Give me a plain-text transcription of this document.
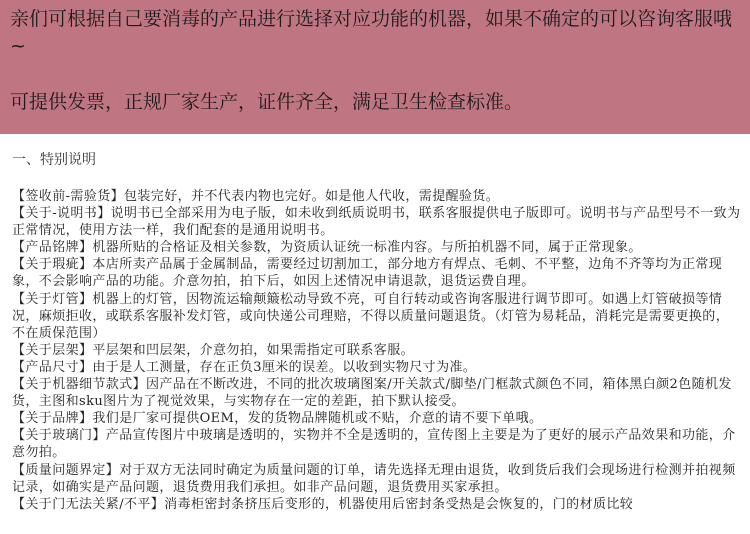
亲们可根据自己要消毒的产品进行选择对应功能的机器，如果不确定的可以咨询客服哦~
可提供发票，正规厂家生产，证件齐全，满足卫生检查标准。
一、特别说明

【签收前-需验货】包装完好，并不代表内物也完好。如是他人代收，需提醒验货。

【关于-说明书】说明书已全部采用为电子版，如未收到纸质说明书，联系客服提供电子版即可。说明书与产品型号不一致为正常情况，使用方法一样，我们配套的是通用说明书。

【产品铭牌】机器所贴的合格证及相关参数，为资质认证统一标准内容。与所拍机器不同，属于正常现象。

【关于瑕疵】本店所卖产品属于金属制品，需要经过切割加工，部分地方有焊点、毛刺、不平整，边角不齐等均为正常现象，不会影响产品的功能。介意勿拍，拍下后，如因上述情况申请退款，退货运费自理。

【关于灯管】机器上的灯管，因物流运输颠簸松动导致不亮，可自行转动或咨询客服进行调节即可。如遇上灯管破损等情况，麻烦拒收，或联系客服补发灯管，或向快递公司理赔，不得以质量问题退货。（灯管为易耗品，消耗完是需要更换的，不在质保范围）

【关于层架】平层架和凹层架，介意勿拍，如果需指定可联系客服。

【产品尺寸】由于是人工测量，存在正负3厘米的误差。以收到实物尺寸为准。

【关于机器细节款式】因产品在不断改进，不同的批次玻璃图案/开关款式/脚垫/门框款式颜色不同，箱体黑白颜2色随机发货，主图和sku图片为了视觉效果，与实物存在一定的差距，拍下默认接受。

【关于品牌】我们是厂家可提供OEM，发的货物品牌随机或不贴，介意的请不要下单哦。

【关于玻璃门】产品宣传图片中玻璃是透明的，实物并不全是透明的，宣传图上主要是为了更好的展示产品效果和功能，介意勿拍。

【质量问题界定】对于双方无法同时确定为质量问题的订单，请先选择无理由退货，收到货后我们会现场进行检测并拍视频记录，如确实是产品问题，退货费用我们承担。如非产品问题，退货费用买家承担。

【关于门无法关紧/不平】消毒柜密封条挤压后变形的，机器使用后密封条受热是会恢复的，门的材质比较
